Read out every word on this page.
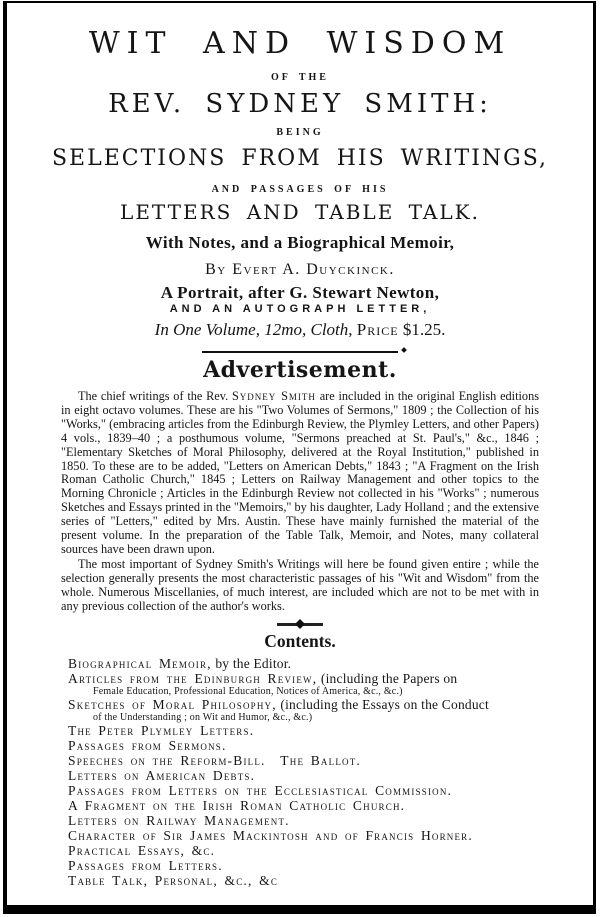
WIT AND WISDOM
OF THE
REV. SYDNEY SMITH:
BEING
SELECTIONS FROM HIS WRITINGS,
AND PASSAGES OF HIS
LETTERS AND TABLE TALK.
With Notes, and a Biographical Memoir,
By Evert A. Duyckinck.
A Portrait, after G. Stewart Newton,
AND AN AUTOGRAPH LETTER,
In One Volume, 12mo, Cloth, Price $1.25.
Advertisement.

The chief writings of the Rev. Sydney Smith are included in the original English editions in eight octavo volumes. These are his "Two Volumes of Sermons," 1809 ; the Collection of his "Works," (embracing articles from the Edinburgh Review, the Plymley Letters, and other Papers) 4 vols., 1839–40 ; a posthumous volume, "Sermons preached at St. Paul's," &c., 1846 ; "Elementary Sketches of Moral Philosophy, delivered at the Royal Institution," published in 1850. To these are to be added, "Letters on American Debts," 1843 ; "A Fragment on the Irish Roman Catholic Church," 1845 ; Letters on Railway Management and other topics to the Morning Chronicle ; Articles in the Edinburgh Review not collected in his "Works" ; numerous Sketches and Essays printed in the "Memoirs," by his daughter, Lady Holland ; and the extensive series of "Letters," edited by Mrs. Austin. These have mainly furnished the material of the present volume. In the preparation of the Table Talk, Memoir, and Notes, many collateral sources have been drawn upon.

The most important of Sydney Smith's Writings will here be found given entire ; while the selection generally presents the most characteristic passages of his "Wit and Wisdom" from the whole. Numerous Miscellanies, of much interest, are included which are not to be met with in any previous collection of the author's works.

Contents.
Biographical Memoir, by the Editor.
Articles from the Edinburgh Review, (including the Papers on
Female Education, Professional Education, Notices of America, &c., &c.)
Sketches of Moral Philosophy, (including the Essays on the Conduct
of the Understanding ; on Wit and Humor, &c., &c.)
The Peter Plymley Letters.
Passages from Sermons.
Speeches on the Reform-Bill. The Ballot.
Letters on American Debts.
Passages from Letters on the Ecclesiastical Commission.
A Fragment on the Irish Roman Catholic Church.
Letters on Railway Management.
Character of Sir James Mackintosh and of Francis Horner.
Practical Essays, &c.
Passages from Letters.
Table Talk, Personal, &c., &c
